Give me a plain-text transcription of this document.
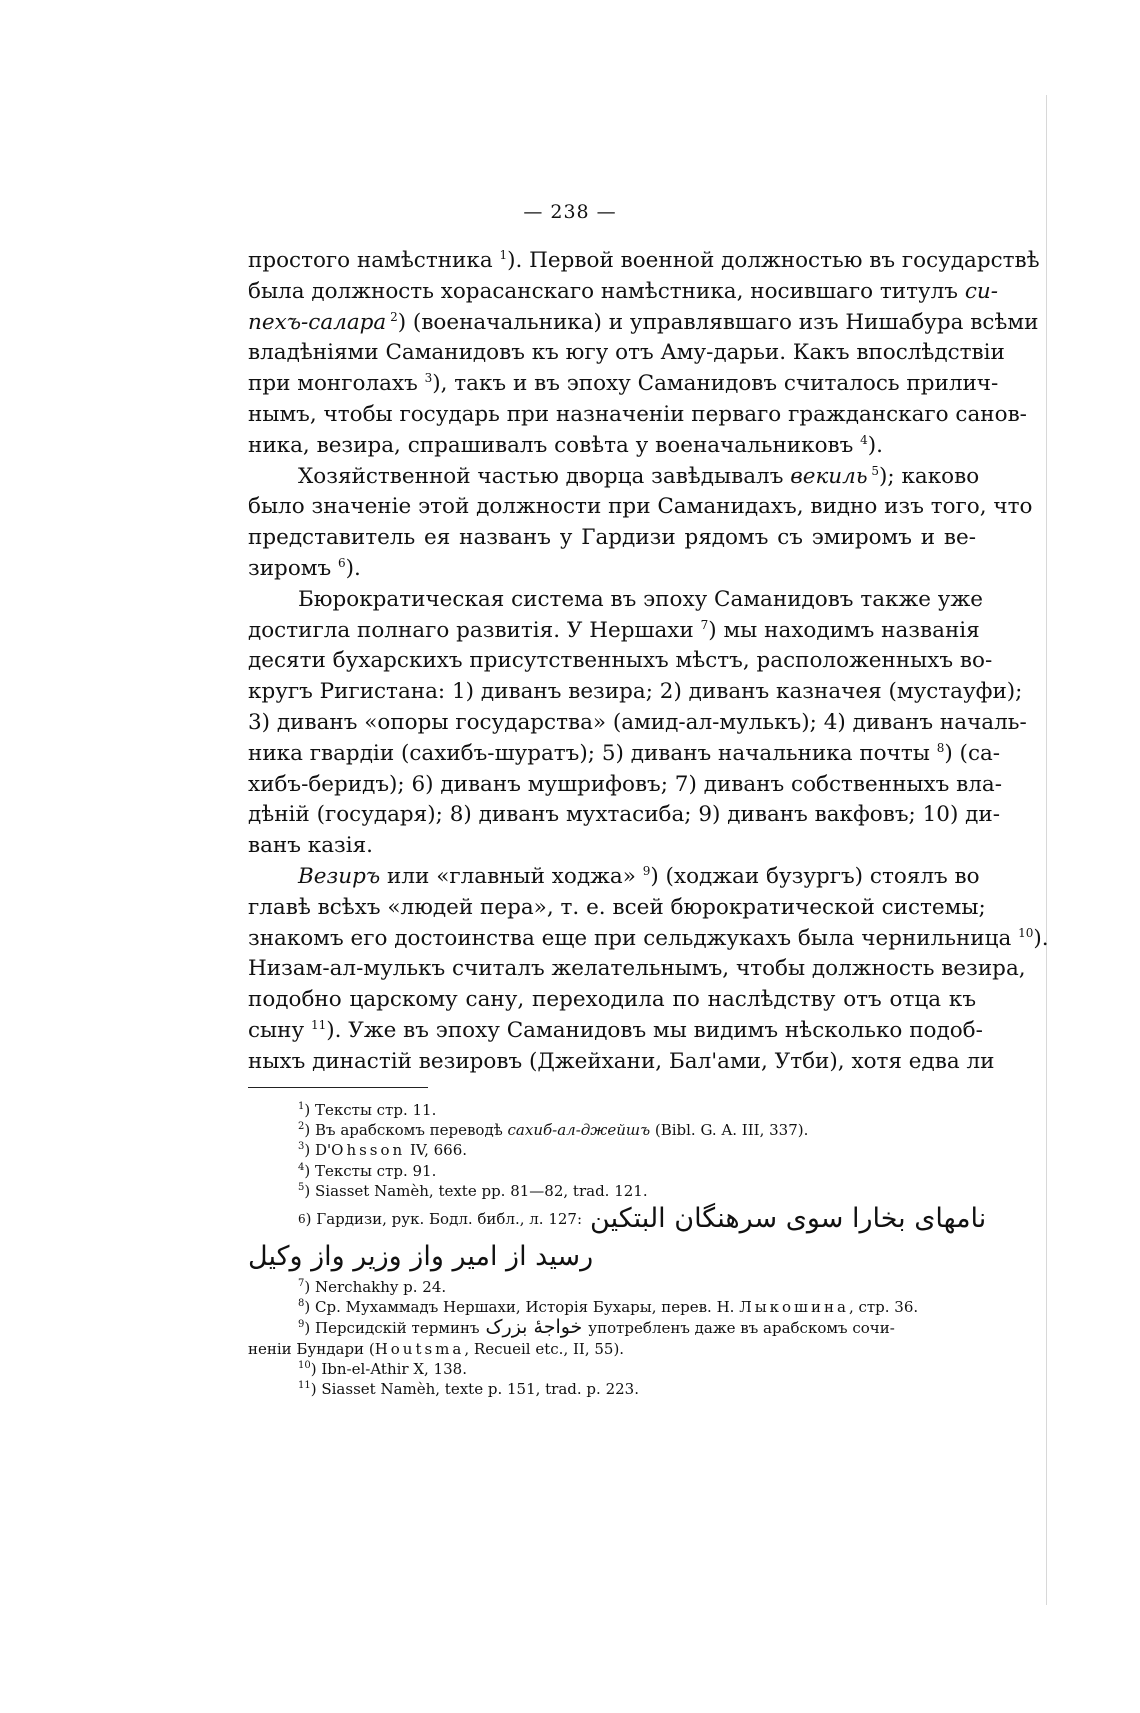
— 238 —
простого намѣстника $^1$). Первой военной должностью въ государствѣ
была должность хорасанскаго намѣстника, носившаго титулъ си-
пехъ-салара $^2$) (военачальника) и управлявшаго изъ Нишабура всѣми
владѣніями Саманидовъ къ югу отъ Аму-дарьи. Какъ впослѣдствіи
при монголахъ $^3$), такъ и въ эпоху Саманидовъ считалось прилич-
нымъ, чтобы государь при назначеніи перваго гражданскаго санов-
ника, везира, спрашивалъ совѣта у военачальниковъ $^4$).
Хозяйственной частью дворца завѣдывалъ векиль $^5$); каково
было значеніе этой должности при Саманидахъ, видно изъ того, что
представитель ея названъ у Гардизи рядомъ съ эмиромъ и ве-
зиромъ $^6$).
Бюрократическая система въ эпоху Саманидовъ также уже
достигла полнаго развитія. У Нершахи $^7$) мы находимъ названія
десяти бухарскихъ присутственныхъ мѣстъ, расположенныхъ во-
кругъ Ригистана: 1) диванъ везира; 2) диванъ казначея (мустауфи);
3) диванъ «опоры государства» (амид-ал-мулькъ); 4) диванъ началь-
ника гвардіи (сахибъ-шуратъ); 5) диванъ начальника почты $^8$) (са-
хибъ-беридъ); 6) диванъ мушрифовъ; 7) диванъ собственныхъ вла-
дѣній (государя); 8) диванъ мухтасиба; 9) диванъ вакфовъ; 10) ди-
ванъ казія.
Везиръ или «главный ходжа» $^9$) (ходжаи бузургъ) стоялъ во
главѣ всѣхъ «людей пера», т. е. всей бюрократической системы;
знакомъ его достоинства еще при сельджукахъ была чернильница $^{10}$).
Низам-ал-мулькъ считалъ желательнымъ, чтобы должность везира,
подобно царскому сану, переходила по наслѣдству отъ отца къ
сыну $^{11}$). Уже въ эпоху Саманидовъ мы видимъ нѣсколько подоб-
ныхъ династій везировъ (Джейхани, Бал'ами, Утби), хотя едва ли
$^1$) Тексты стр. 11.
$^2$) Въ арабскомъ переводѣ сахиб-ал-джейшъ (Bibl. G. A. III, 337).
$^3$) D'Ohsson IV, 666.
$^4$) Тексты стр. 91.
$^5$) Siasset Namèh, texte pp. 81—82, trad. 121.
6 ) Гардизи, рук. Бодл. библ., л. 127: نامهای بخارا سوی سرهنگان البتکین
رسید از امیر واز وزیر واز وکیل
$^7$) Nerchakhy p. 24.
$^8$) Ср. Мухаммадъ Нершахи, Исторія Бухары, перев. Н. Лыкошина, стр. 36.
$^9$) Персидскій терминъ خواجهٔ بزرک употребленъ даже въ арабскомъ сочи-
неніи Бундари (Houtsma, Recueil etc., II, 55).
$^{10}$) Ibn-el-Athir X, 138.
$^{11}$) Siasset Namèh, texte p. 151, trad. p. 223.
